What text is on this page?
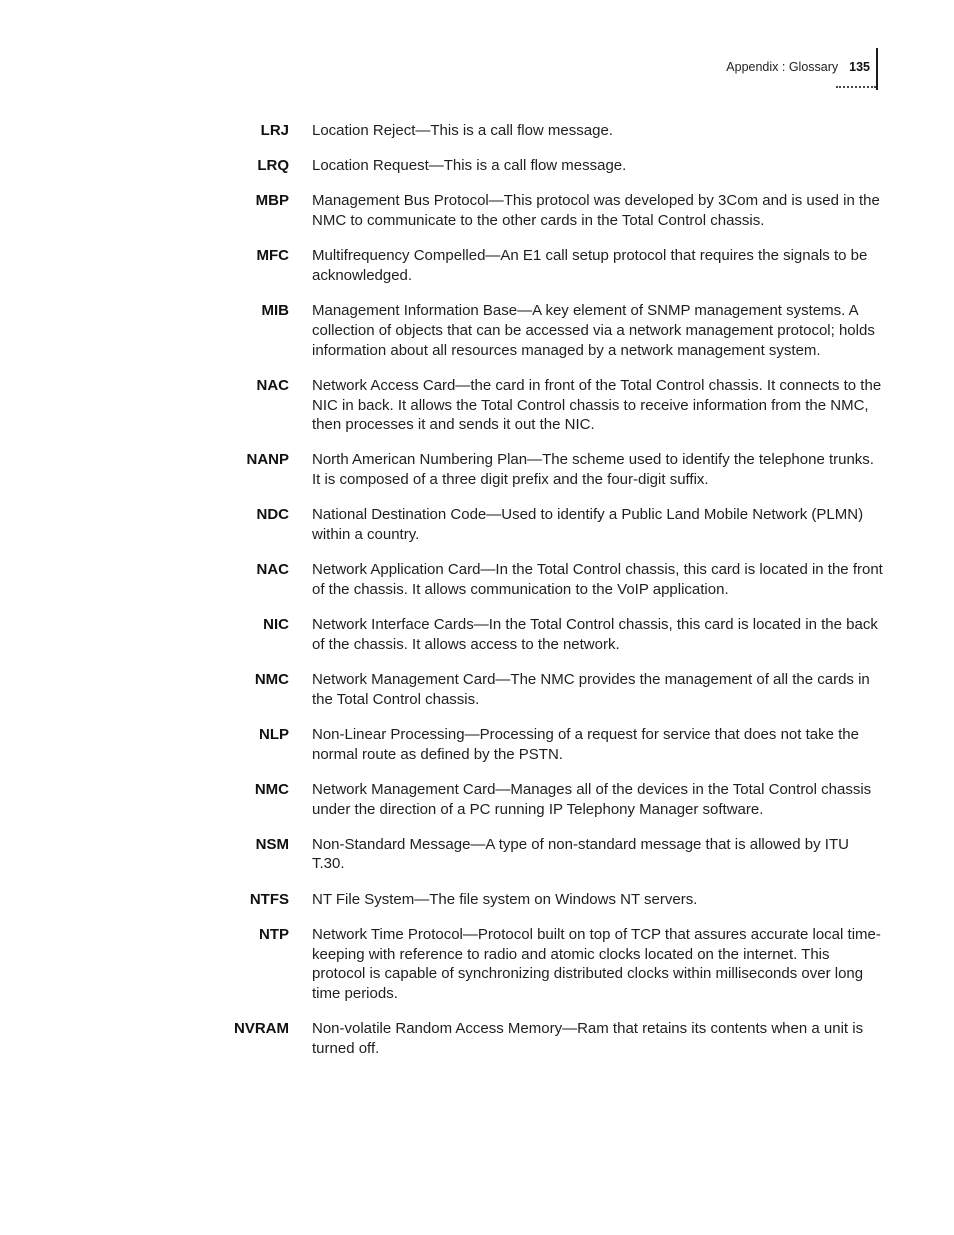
Appendix : Glossary 135
LRJ Location Reject—This is a call flow message.
LRQ Location Request—This is a call flow message.
MBP Management Bus Protocol—This protocol was developed by 3Com and is used in the NMC to communicate to the other cards in the Total Control chassis.
MFC Multifrequency Compelled—An E1 call setup protocol that requires the signals to be acknowledged.
MIB Management Information Base—A key element of SNMP management systems. A collection of objects that can be accessed via a network management protocol; holds information about all resources managed by a network management system.
NAC Network Access Card—the card in front of the Total Control chassis. It connects to the NIC in back. It allows the Total Control chassis to receive information from the NMC, then processes it and sends it out the NIC.
NANP North American Numbering Plan—The scheme used to identify the telephone trunks. It is composed of a three digit prefix and the four-digit suffix.
NDC National Destination Code—Used to identify a Public Land Mobile Network (PLMN) within a country.
NAC Network Application Card—In the Total Control chassis, this card is located in the front of the chassis. It allows communication to the VoIP application.
NIC Network Interface Cards—In the Total Control chassis, this card is located in the back of the chassis. It allows access to the network.
NMC Network Management Card—The NMC provides the management of all the cards in the Total Control chassis.
NLP Non-Linear Processing—Processing of a request for service that does not take the normal route as defined by the PSTN.
NMC Network Management Card—Manages all of the devices in the Total Control chassis under the direction of a PC running IP Telephony Manager software.
NSM Non-Standard Message—A type of non-standard message that is allowed by ITU T.30.
NTFS NT File System—The file system on Windows NT servers.
NTP Network Time Protocol—Protocol built on top of TCP that assures accurate local time-keeping with reference to radio and atomic clocks located on the internet. This protocol is capable of synchronizing distributed clocks within milliseconds over long time periods.
NVRAM Non-volatile Random Access Memory—Ram that retains its contents when a unit is turned off.
